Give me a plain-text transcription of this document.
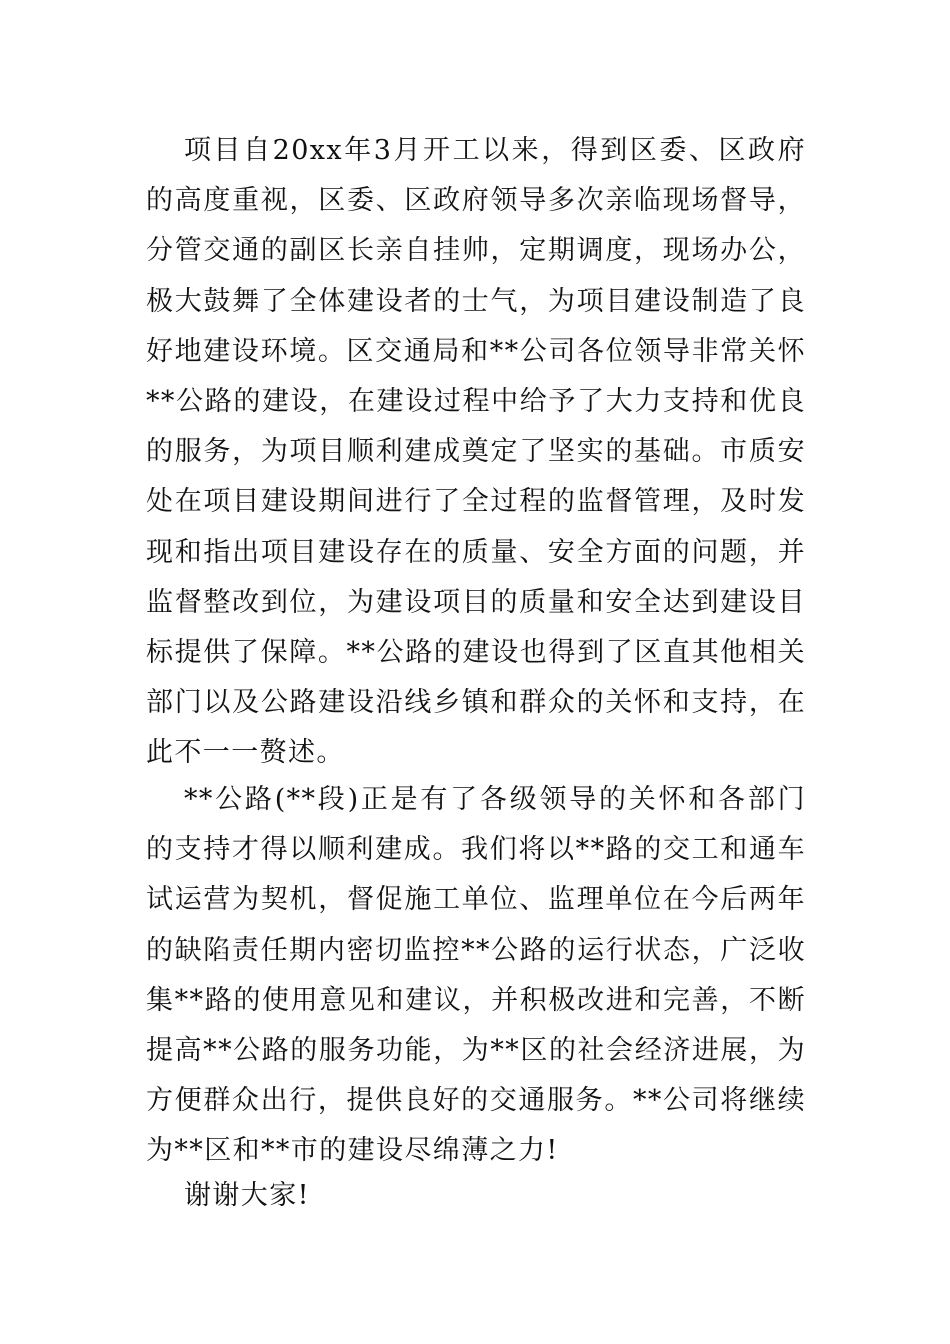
项目自20xx年3月开工以来，得到区委、区政府的高度重视，区委、区政府领导多次亲临现场督导，分管交通的副区长亲自挂帅，定期调度，现场办公，极大鼓舞了全体建设者的士气，为项目建设制造了良好地建设环境。区交通局和**公司各位领导非常关怀**公路的建设，在建设过程中给予了大力支持和优良的服务，为项目顺利建成奠定了坚实的基础。市质安处在项目建设期间进行了全过程的监督管理，及时发现和指出项目建设存在的质量、安全方面的问题，并监督整改到位，为建设项目的质量和安全达到建设目标提供了保障。**公路的建设也得到了区直其他相关部门以及公路建设沿线乡镇和群众的关怀和支持，在此不一一赘述。

**公路(**段)正是有了各级领导的关怀和各部门的支持才得以顺利建成。我们将以**路的交工和通车试运营为契机，督促施工单位、监理单位在今后两年的缺陷责任期内密切监控**公路的运行状态，广泛收集**路的使用意见和建议，并积极改进和完善，不断提高**公路的服务功能，为**区的社会经济进展，为方便群众出行，提供良好的交通服务。**公司将继续为**区和**市的建设尽绵薄之力!

谢谢大家!
